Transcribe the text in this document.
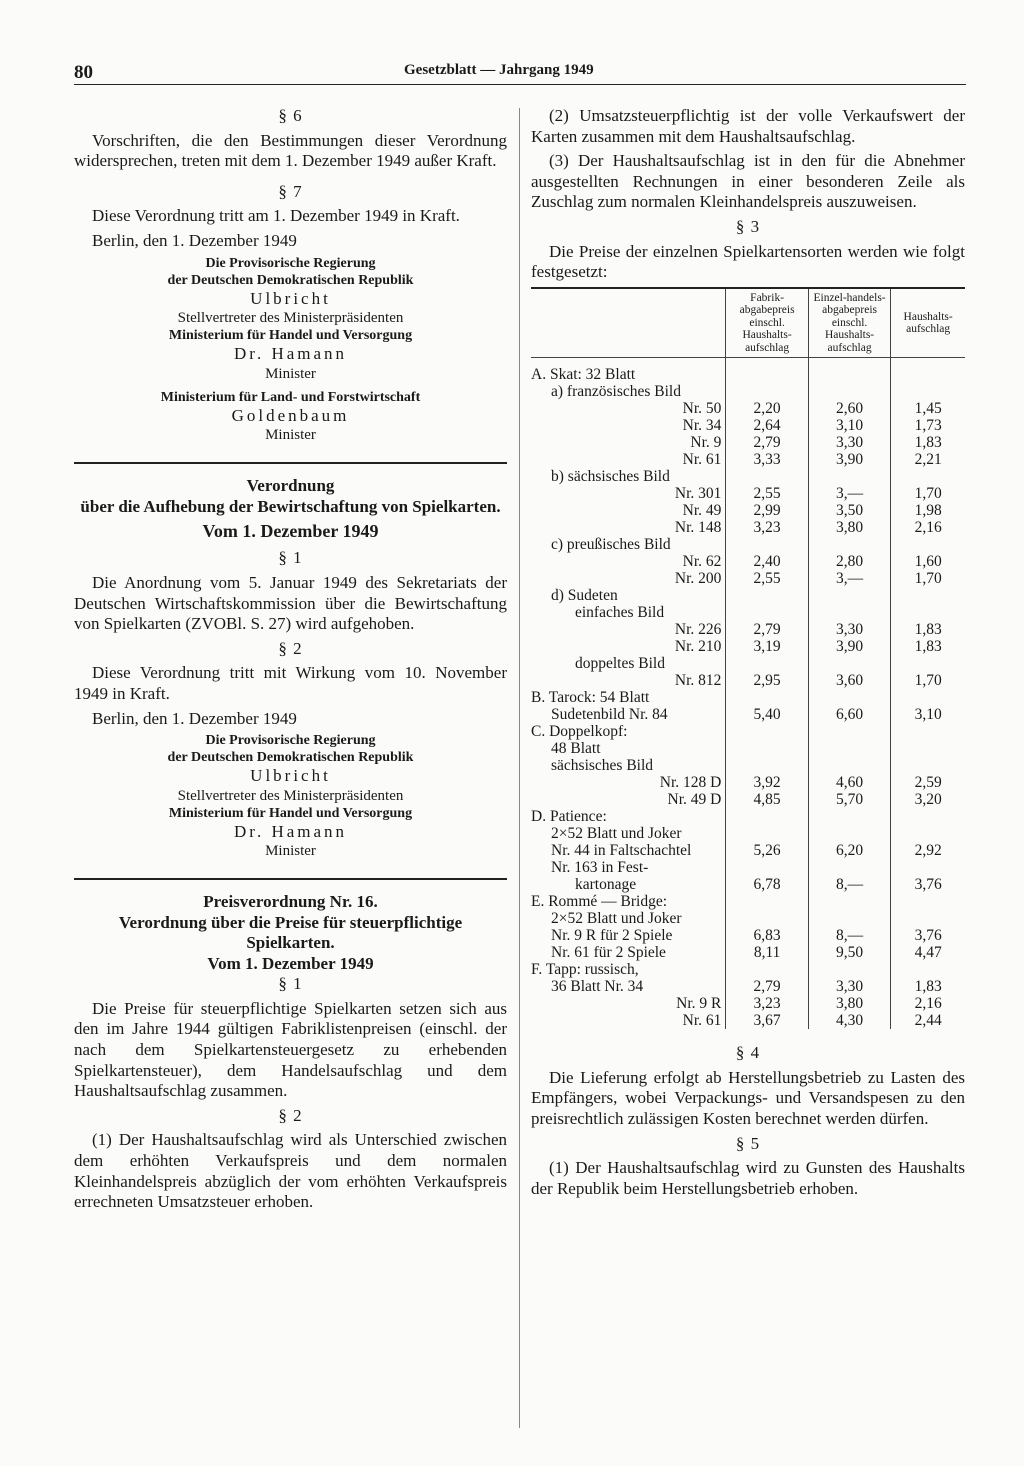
80	Gesetzblatt — Jahrgang 1949

§ 6

Vorschriften, die den Bestimmungen dieser Verordnung widersprechen, treten mit dem 1. Dezember 1949 außer Kraft.

§ 7

Diese Verordnung tritt am 1. Dezember 1949 in Kraft.

Berlin, den 1. Dezember 1949

Die Provisorische Regierung

der Deutschen Demokratischen Republik

Ulbricht

Stellvertreter des Ministerpräsidenten

Ministerium für Handel und Versorgung

Dr. Hamann

Minister

Ministerium für Land- und Forstwirtschaft

Goldenbaum

Minister

Verordnung

über die Aufhebung der Bewirtschaftung von Spielkarten.

Vom 1. Dezember 1949

§ 1

Die Anordnung vom 5. Januar 1949 des Sekretariats der Deutschen Wirtschaftskommission über die Bewirtschaftung von Spielkarten (ZVOBl. S. 27) wird aufgehoben.

§ 2

Diese Verordnung tritt mit Wirkung vom 10. November 1949 in Kraft.

Berlin, den 1. Dezember 1949

Die Provisorische Regierung

der Deutschen Demokratischen Republik

Ulbricht

Stellvertreter des Ministerpräsidenten

Ministerium für Handel und Versorgung

Dr. Hamann

Minister

Preisverordnung Nr. 16.

Verordnung über die Preise für steuerpflichtige Spielkarten.

Vom 1. Dezember 1949

§ 1

Die Preise für steuerpflichtige Spielkarten setzen sich aus den im Jahre 1944 gültigen Fabriklistenpreisen (einschl. der nach dem Spielkartensteuergesetz zu erhebenden Spielkartensteuer), dem Handelsaufschlag und dem Haushaltsaufschlag zusammen.

§ 2

(1) Der Haushaltsaufschlag wird als Unterschied zwischen dem erhöhten Verkaufspreis und dem normalen Kleinhandelspreis abzüglich der vom erhöhten Verkaufspreis errechneten Umsatzsteuer erhoben.

(2) Umsatzsteuerpflichtig ist der volle Verkaufswert der Karten zusammen mit dem Haushaltsaufschlag.

(3) Der Haushaltsaufschlag ist in den für die Abnehmer ausgestellten Rechnungen in einer besonderen Zeile als Zuschlag zum normalen Kleinhandelspreis auszuweisen.

§ 3

Die Preise der einzelnen Spielkartensorten werden wie folgt festgesetzt:

	Fabrik-abgabepreis einschl. Haushalts-aufschlag	Einzel-handels-abgabepreis einschl. Haushalts-aufschlag	Haushalts-aufschlag
A. Skat: 32 Blatt			
a) französisches Bild			
Nr. 50	2,20	2,60	1,45
Nr. 34	2,64	3,10	1,73
Nr. 9	2,79	3,30	1,83
Nr. 61	3,33	3,90	2,21
b) sächsisches Bild			
Nr. 301	2,55	3,—	1,70
Nr. 49	2,99	3,50	1,98
Nr. 148	3,23	3,80	2,16
c) preußisches Bild			
Nr. 62	2,40	2,80	1,60
Nr. 200	2,55	3,—	1,70
d) Sudeten			
einfaches Bild			
Nr. 226	2,79	3,30	1,83
Nr. 210	3,19	3,90	1,83
doppeltes Bild			
Nr. 812	2,95	3,60	1,70
B. Tarock: 54 Blatt			
Sudetenbild Nr. 84	5,40	6,60	3,10
C. Doppelkopf:			
48 Blatt			
sächsisches Bild			
Nr. 128 D	3,92	4,60	2,59
Nr. 49 D	4,85	5,70	3,20
D. Patience:			
2×52 Blatt und Joker			
Nr. 44 in Faltschachtel	5,26	6,20	2,92
Nr. 163 in Fest-			
kartonage	6,78	8,—	3,76
E. Rommé — Bridge:			
2×52 Blatt und Joker			
Nr. 9 R für 2 Spiele	6,83	8,—	3,76
Nr. 61 für 2 Spiele	8,11	9,50	4,47
F. Tapp: russisch,			
36 Blatt Nr. 34	2,79	3,30	1,83
Nr. 9 R	3,23	3,80	2,16
Nr. 61	3,67	4,30	2,44

§ 4

Die Lieferung erfolgt ab Herstellungsbetrieb zu Lasten des Empfängers, wobei Verpackungs- und Versandspesen zu den preisrechtlich zulässigen Kosten berechnet werden dürfen.

§ 5

(1) Der Haushaltsaufschlag wird zu Gunsten des Haushalts der Republik beim Herstellungsbetrieb erhoben.
